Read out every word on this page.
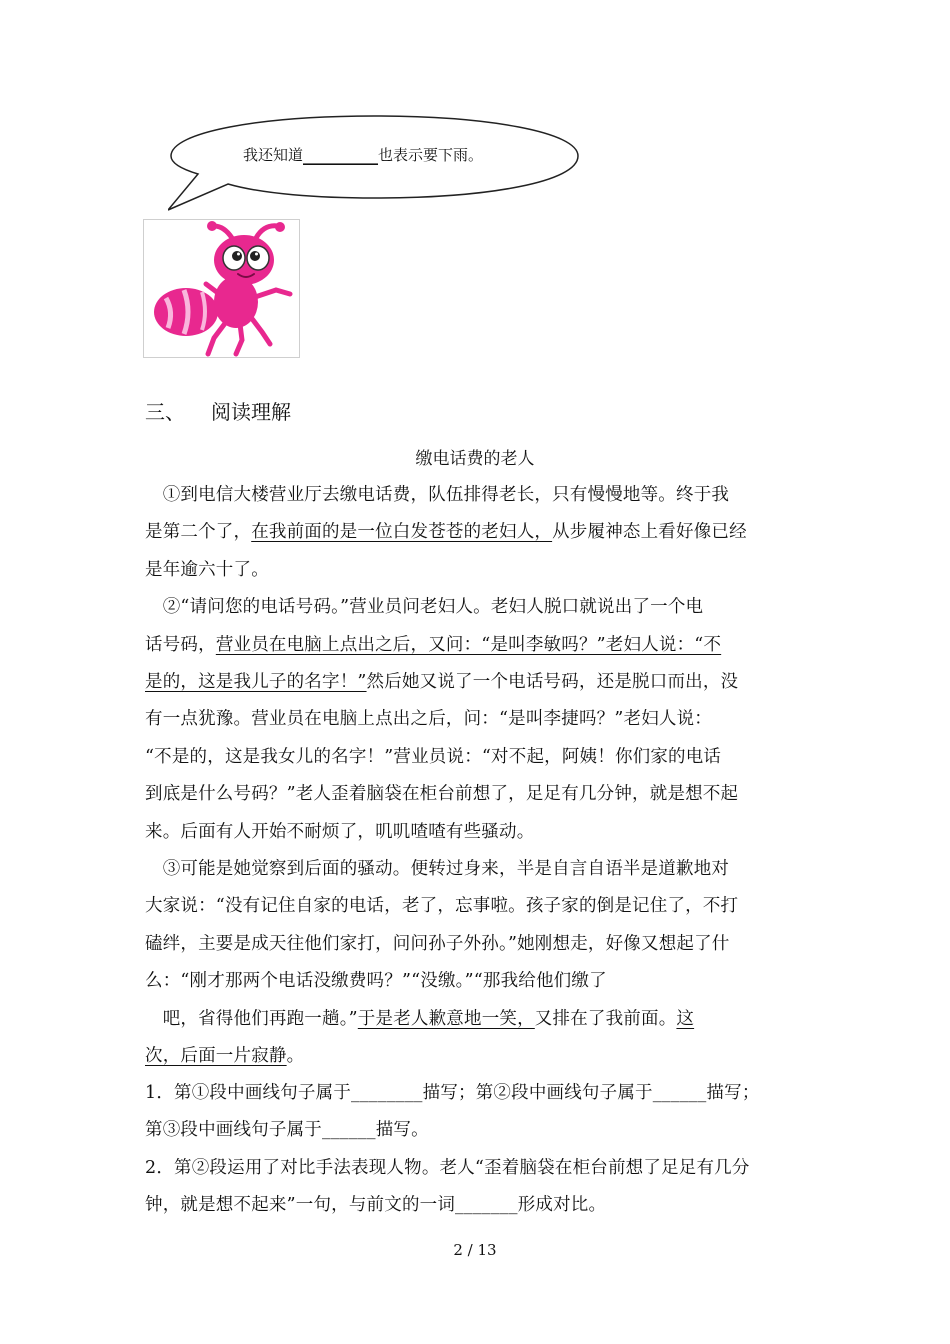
我还知道__________也表示要下雨。
三、 阅读理解
缴电话费的老人
　①到电信大楼营业厅去缴电话费，队伍排得老长，只有慢慢地等。终于我
是第二个了，在我前面的是一位白发苍苍的老妇人，从步履神态上看好像已经
是年逾六十了。
　②“请问您的电话号码。”营业员问老妇人。老妇人脱口就说出了一个电
话号码，营业员在电脑上点出之后，又问：“是叫李敏吗？”老妇人说：“不
是的，这是我儿子的名字！”然后她又说了一个电话号码，还是脱口而出，没
有一点犹豫。营业员在电脑上点出之后，问：“是叫李捷吗？”老妇人说：
“不是的，这是我女儿的名字！”营业员说：“对不起，阿姨！你们家的电话
到底是什么号码？”老人歪着脑袋在柜台前想了，足足有几分钟，就是想不起
来。后面有人开始不耐烦了，叽叽喳喳有些骚动。
　③可能是她觉察到后面的骚动。便转过身来，半是自言自语半是道歉地对
大家说：“没有记住自家的电话，老了，忘事啦。孩子家的倒是记住了，不打
磕绊，主要是成天往他们家打，问问孙子外孙。”她刚想走，好像又想起了什
么：“刚才那两个电话没缴费吗？”“没缴。”“那我给他们缴了
　吧，省得他们再跑一趟。”于是老人歉意地一笑，又排在了我前面。这
次，后面一片寂静。
1．第①段中画线句子属于________描写；第②段中画线句子属于______描写；
第③段中画线句子属于______描写。
2．第②段运用了对比手法表现人物。老人“歪着脑袋在柜台前想了足足有几分
钟，就是想不起来”一句，与前文的一词_______形成对比。
2 / 13
